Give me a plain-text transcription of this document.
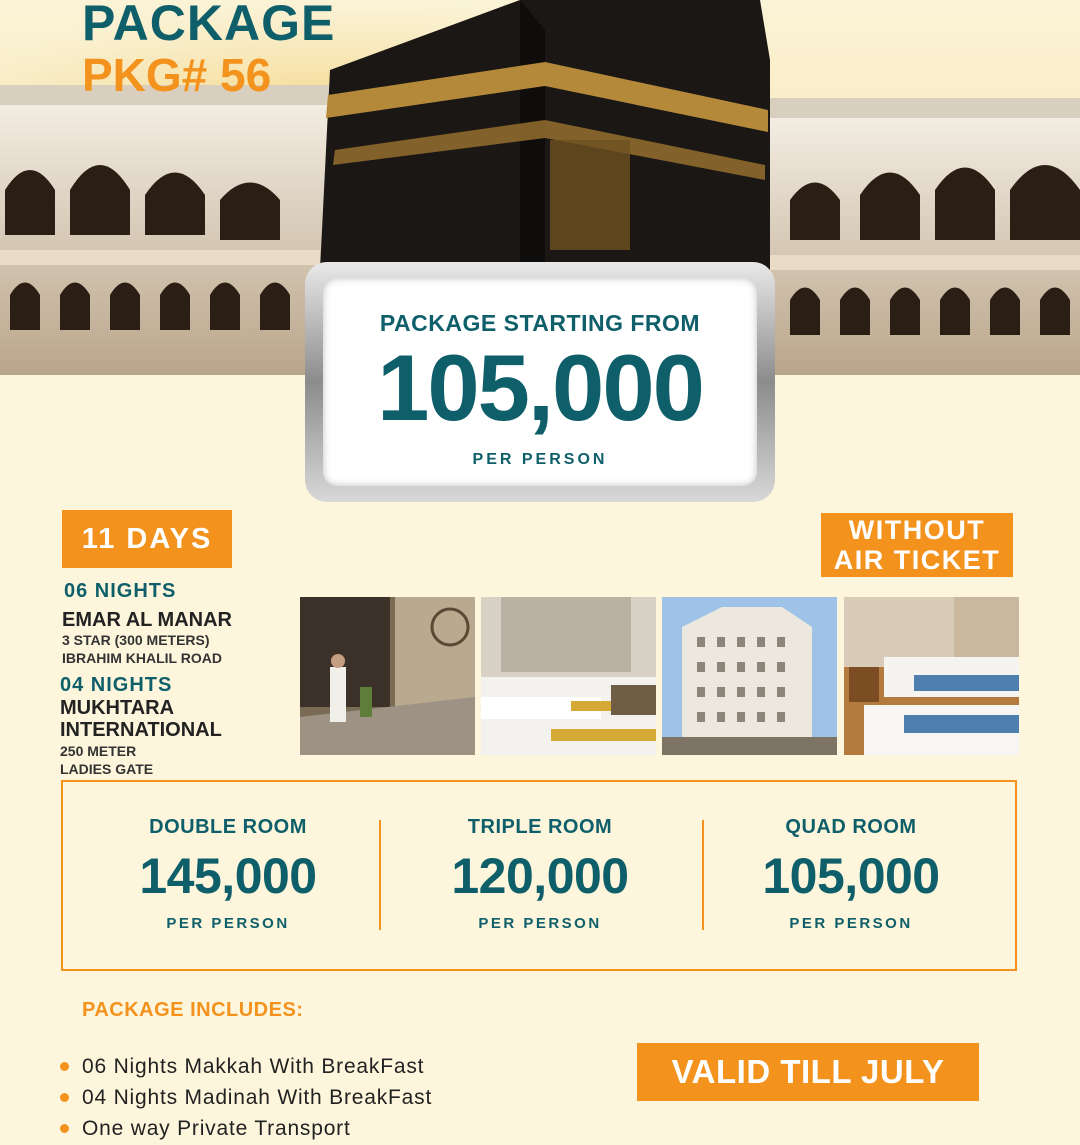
PACKAGE
PKG# 56
PACKAGE STARTING FROM
105,000
PER PERSON
11 DAYS	WITHOUT
AIR TICKET
06 NIGHTS
EMAR AL MANAR
3 STAR (300 METERS)
IBRAHIM KHALIL ROAD
04 NIGHTS
MUKHTARA
INTERNATIONAL
250 METER
LADIES GATE
DOUBLE ROOM
145,000
PER PERSON
TRIPLE ROOM
120,000
PER PERSON
QUAD ROOM
105,000
PER PERSON
PACKAGE INCLUDES:
06 Nights Makkah With BreakFast
04 Nights Madinah With BreakFast
One way Private Transport
VALID TILL JULY
